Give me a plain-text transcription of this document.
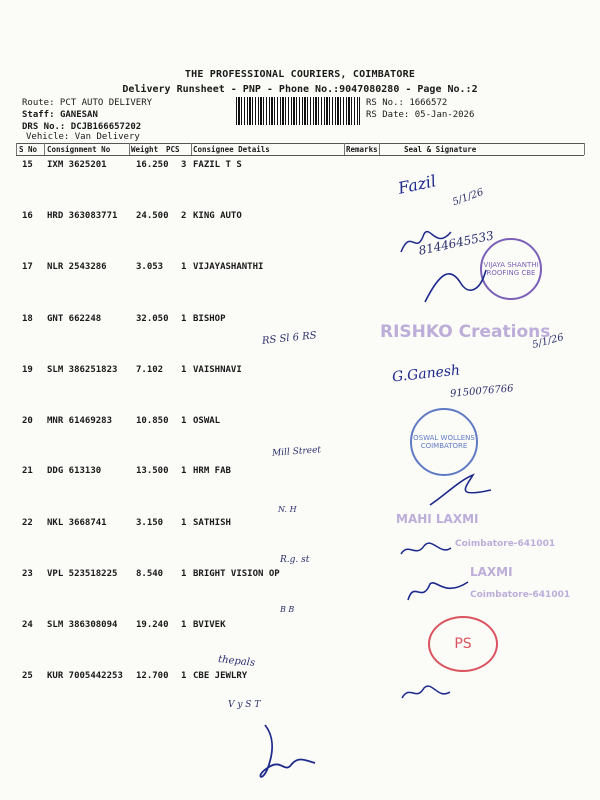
THE PROFESSIONAL COURIERS, COIMBATORE
Delivery Runsheet - PNP - Phone No.:9047080280 - Page No.:2
Route: PCT AUTO DELIVERY
Staff: GANESAN
DRS No.: DCJB166657202
Vehicle: Van Delivery
RS No.: 1666572
RS Date: 05-Jan-2026
S No Consignment No	Weight PCS Consignee Details	Remarks	Seal & Signature
15 IXM 3625201	16.250 3 FAZIL T S
16 HRD 363083771 24.500 2 KING AUTO
17 NLR 2543286	3.053 1 VIJAYASHANTHI
18 GNT 662248	32.050 1 BISHOP
19 SLM 386251823 7.102 1 VAISHNAVI
20 MNR 61469283	10.850 1 OSWAL
21 DDG 613130	13.500 1 HRM FAB
22 NKL 3668741	3.150 1 SATHISH
23 VPL 523518225 8.540 1 BRIGHT VISION OP
24 SLM 386308094 19.240 1 BVIVEK
25 KUR 7005442253 12.700 1 CBE JEWLRY
Fazil 5/1/26
8144645533
VIJAYA SHANTHI ROOFING CBE
RISHKO Creations
RS Sl 6 RS	5/1/26
G.Ganesh
9150076766
OSWAL WOLLENS COIMBATORE
Mill Street
N. H
MAHI LAXMI
Coimbatore-641001
R.g. st
LAXMI
Coimbatore-641001
B B
PS
thepals
V y S T
